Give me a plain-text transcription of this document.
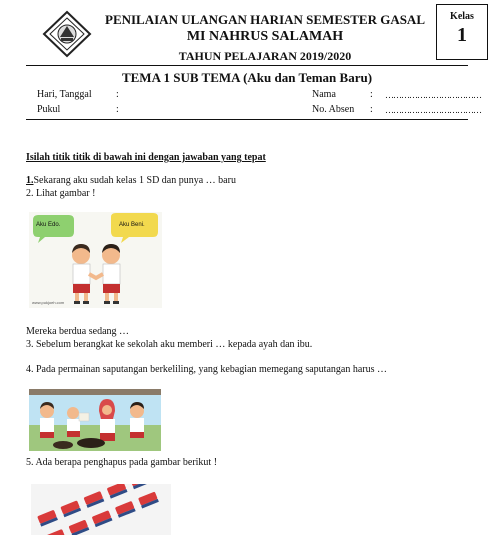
PENILAIAN ULANGAN HARIAN SEMESTER GASAL
MI NAHRUS SALAMAH
TAHUN PELAJARAN 2019/2020
Kelas
1
TEMA 1 SUB TEMA (Aku dan Teman Baru)
Hari, Tanggal :
Pukul	:
Nama	: ………………………………
No. Absen : ………………………………
Isilah titik titik di bawah ini dengan jawaban yang tepat
1.Sekarang aku sudah kelas 1 SD dan punya … baru
2. Lihat gambar !
Aku Edo.	Aku Beni.
www.pukjoeh.com
Mereka berdua sedang …
3. Sebelum berangkat ke sekolah aku memberi … kepada ayah dan ibu.
4. Pada permainan saputangan berkeliling, yang kebagian memegang saputangan harus …
5. Ada berapa penghapus pada gambar berikut !
